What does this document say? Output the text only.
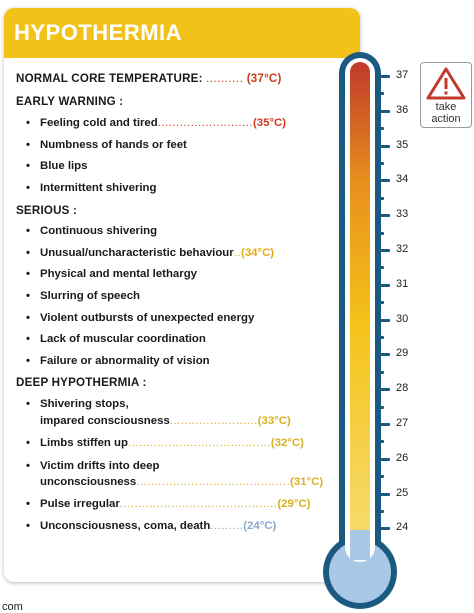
HYPOTHERMIA
NORMAL CORE TEMPERATURE:
..........
(37°C)
EARLY WARNING :
• Feeling cold and tired .......................... (35°C)
• Numbness of hands or feet
• Blue lips
• Intermittent shivering
SERIOUS :
• Continuous shivering
• Unusual/uncharacteristic behaviour .. (34°C)
• Physical and mental lethargy
• Slurring of speech
• Violent outbursts of unexpected energy
• Lack of muscular coordination
• Failure or abnormality of vision
DEEP HYPOTHERMIA :
• Shivering stops,
impared consciousness ........................ (33°C)
• Limbs stiffen up ....................................... (32°C)
• Victim drifts into deep
unconsciousness .......................................... (31°C)
• Pulse irregular ........................................... (29°C)
• Unconsciousness, coma, death ......... (24°C)
37
36
35
34
33
32
31
30
29
28
27
26
25
24
take
action
com
